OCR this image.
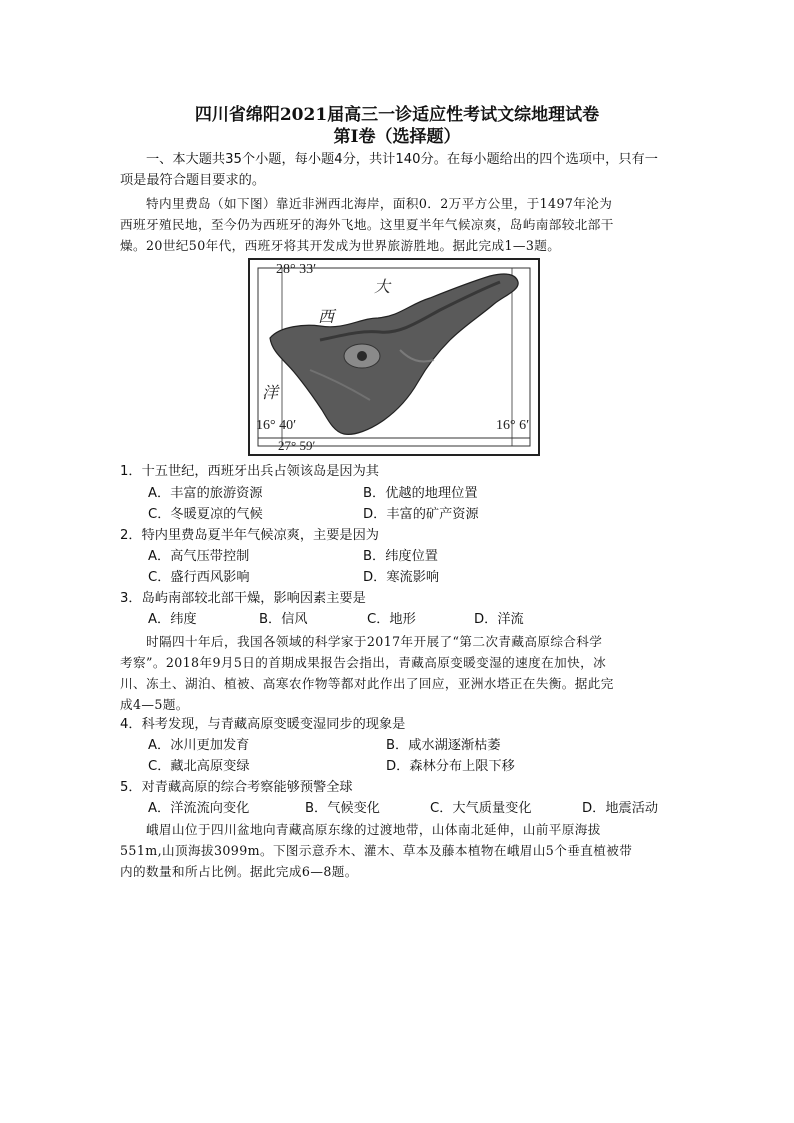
四川省绵阳2021届高三一诊适应性考试文综地理试卷
第Ⅰ卷（选择题）
一、本大题共35个小题，每小题4分，共计140分。在每小题给出的四个选项中，只有一
项是最符合题目要求的。
特内里费岛（如下图）靠近非洲西北海岸，面积0．2万平方公里，于1497年沦为
西班牙殖民地，至今仍为西班牙的海外飞地。这里夏半年气候凉爽，岛屿南部较北部干
燥。20世纪50年代，西班牙将其开发成为世界旅游胜地。据此完成1—3题。
28° 33′
16° 40′	16° 6′
27° 59′
大
西
洋
1．十五世纪，西班牙出兵占领该岛是因为其
A．丰富的旅游资源	B．优越的地理位置
C．冬暖夏凉的气候	D．丰富的矿产资源
2．特内里费岛夏半年气候凉爽，主要是因为
A．高气压带控制	B．纬度位置
C．盛行西风影响	D．寒流影响
3．岛屿南部较北部干燥，影响因素主要是
A．纬度	B．信风	C．地形	D．洋流
时隔四十年后，我国各领域的科学家于2017年开展了“第二次青藏高原综合科学
考察”。2018年9月5日的首期成果报告会指出，青藏高原变暖变湿的速度在加快，冰
川、冻土、湖泊、植被、高寒农作物等都对此作出了回应，亚洲水塔正在失衡。据此完
成4—5题。
4．科考发现，与青藏高原变暖变湿同步的现象是
A．冰川更加发育	B．咸水湖逐渐枯萎
C．藏北高原变绿	D．森林分布上限下移
5．对青藏高原的综合考察能够预警全球
A．洋流流向变化	B．气候变化	C．大气质量变化	D．地震活动
峨眉山位于四川盆地向青藏高原东缘的过渡地带，山体南北延伸，山前平原海拔
551m,山顶海拔3099m。下图示意乔木、灌木、草本及藤本植物在峨眉山5个垂直植被带
内的数量和所占比例。据此完成6—8题。
